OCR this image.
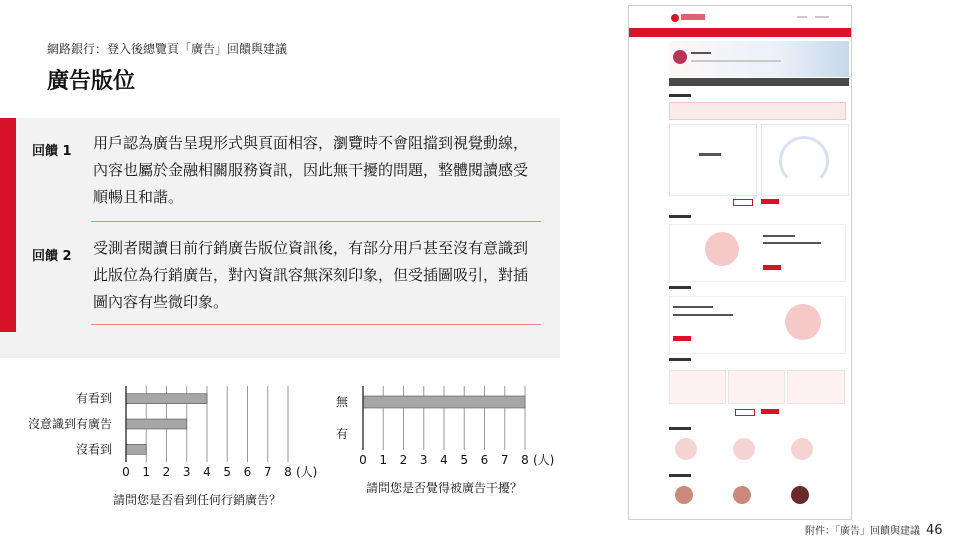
網路銀行：登入後總覽頁「廣告」回饋與建議
廣告版位
回饋 1 用戶認為廣告呈現形式與頁面相容，瀏覽時不會阻擋到視覺動線，內容也屬於金融相關服務資訊，因此無干擾的問題，整體閱讀感受順暢且和諧。
回饋 2 受測者閱讀目前行銷廣告版位資訊後，有部分用戶甚至沒有意識到此版位為行銷廣告，對內資訊容無深刻印象，但受插圖吸引，對插圖內容有些微印象。
0 1 2 3 4 5 6 7 8 (人)
有看到
沒意識到有廣告
沒看到
請問您是否看到任何行銷廣告？
0 1 2 3 4 5 6 7 8 (人)
無
有
請問您是否覺得被廣告干擾？
附件：「廣告」回饋與建議 46
